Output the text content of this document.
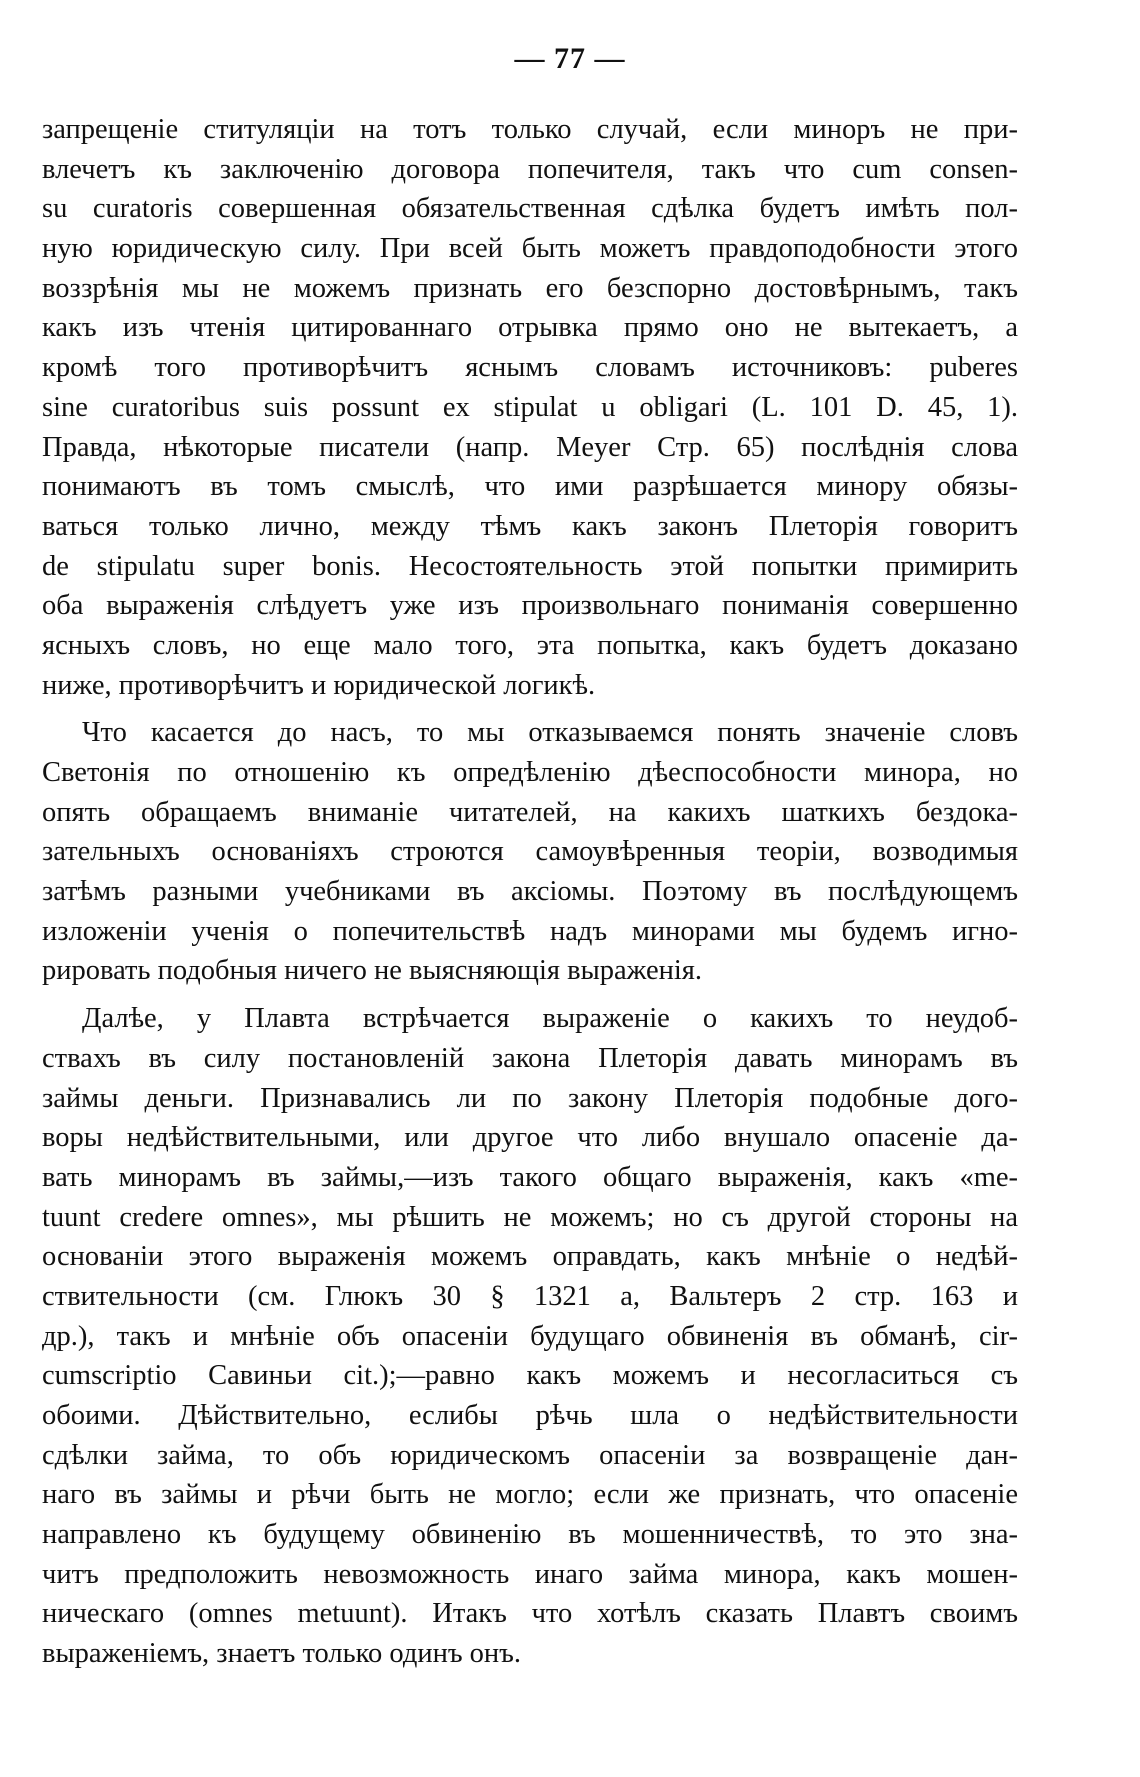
— 77 —
запрещеніе ституляціи на тотъ только случай, если миноръ не при-
влечетъ къ заключенію договора попечителя, такъ что cum consen-
su curatoris совершенная обязательственная сдѣлка будетъ имѣть пол-
ную юридическую силу. При всей быть можетъ правдоподобности этого
воззрѣнія мы не можемъ признать его безспорно достовѣрнымъ, такъ
какъ изъ чтенія цитированнаго отрывка прямо оно не вытекаетъ, а
кромѣ того противорѣчитъ яснымъ словамъ источниковъ: puberes
sine curatoribus suis possunt ex stipulat u obligari (L. 101 D. 45, 1).
Правда, нѣкоторые писатели (напр. Meyer Стр. 65) послѣднія слова
понимаютъ въ томъ смыслѣ, что ими разрѣшается минору обязы-
ваться только лично, между тѣмъ какъ законъ Плеторія говоритъ
de stipulatu super bonis. Несостоятельность этой попытки примирить
оба выраженія слѣдуетъ уже изъ произвольнаго пониманія совершенно
ясныхъ словъ, но еще мало того, эта попытка, какъ будетъ доказано
ниже, противорѣчитъ и юридической логикѣ.
Что касается до насъ, то мы отказываемся понять значеніе словъ
Светонія по отношенію къ опредѣленію дѣеспособности минора, но
опять обращаемъ вниманіе читателей, на какихъ шаткихъ бездока-
зательныхъ основаніяхъ строются самоувѣренныя теоріи, возводимыя
затѣмъ разными учебниками въ аксіомы. Поэтому въ послѣдующемъ
изложеніи ученія о попечительствѣ надъ минорами мы будемъ игно-
рировать подобныя ничего не выясняющія выраженія.
Далѣе, у Плавта встрѣчается выраженіе о какихъ то неудоб-
ствахъ въ силу постановленій закона Плеторія давать минорамъ въ
займы деньги. Признавались ли по закону Плеторія подобные дого-
воры недѣйствительными, или другое что либо внушало опасеніе да-
вать минорамъ въ займы,—изъ такого общаго выраженія, какъ «me-
tuunt credere omnes», мы рѣшить не можемъ; но съ другой стороны на
основаніи этого выраженія можемъ оправдать, какъ мнѣніе о недѣй-
ствительности (см. Глюкъ 30 § 1321 a, Вальтеръ 2 стр. 163 и
др.), такъ и мнѣніе объ опасеніи будущаго обвиненія въ обманѣ, cir-
cumscriptio Савиньи cit.);—равно какъ можемъ и несогласиться съ
обоими. Дѣйствительно, еслибы рѣчь шла о недѣйствительности
сдѣлки займа, то объ юридическомъ опасеніи за возвращеніе дан-
наго въ займы и рѣчи быть не могло; если же признать, что опасеніе
направлено къ будущему обвиненію въ мошенничествѣ, то это зна-
читъ предположить невозможность инаго займа минора, какъ мошен-
ническаго (omnes metuunt). Итакъ что хотѣлъ сказать Плавтъ своимъ
выраженіемъ, знаетъ только одинъ онъ.
